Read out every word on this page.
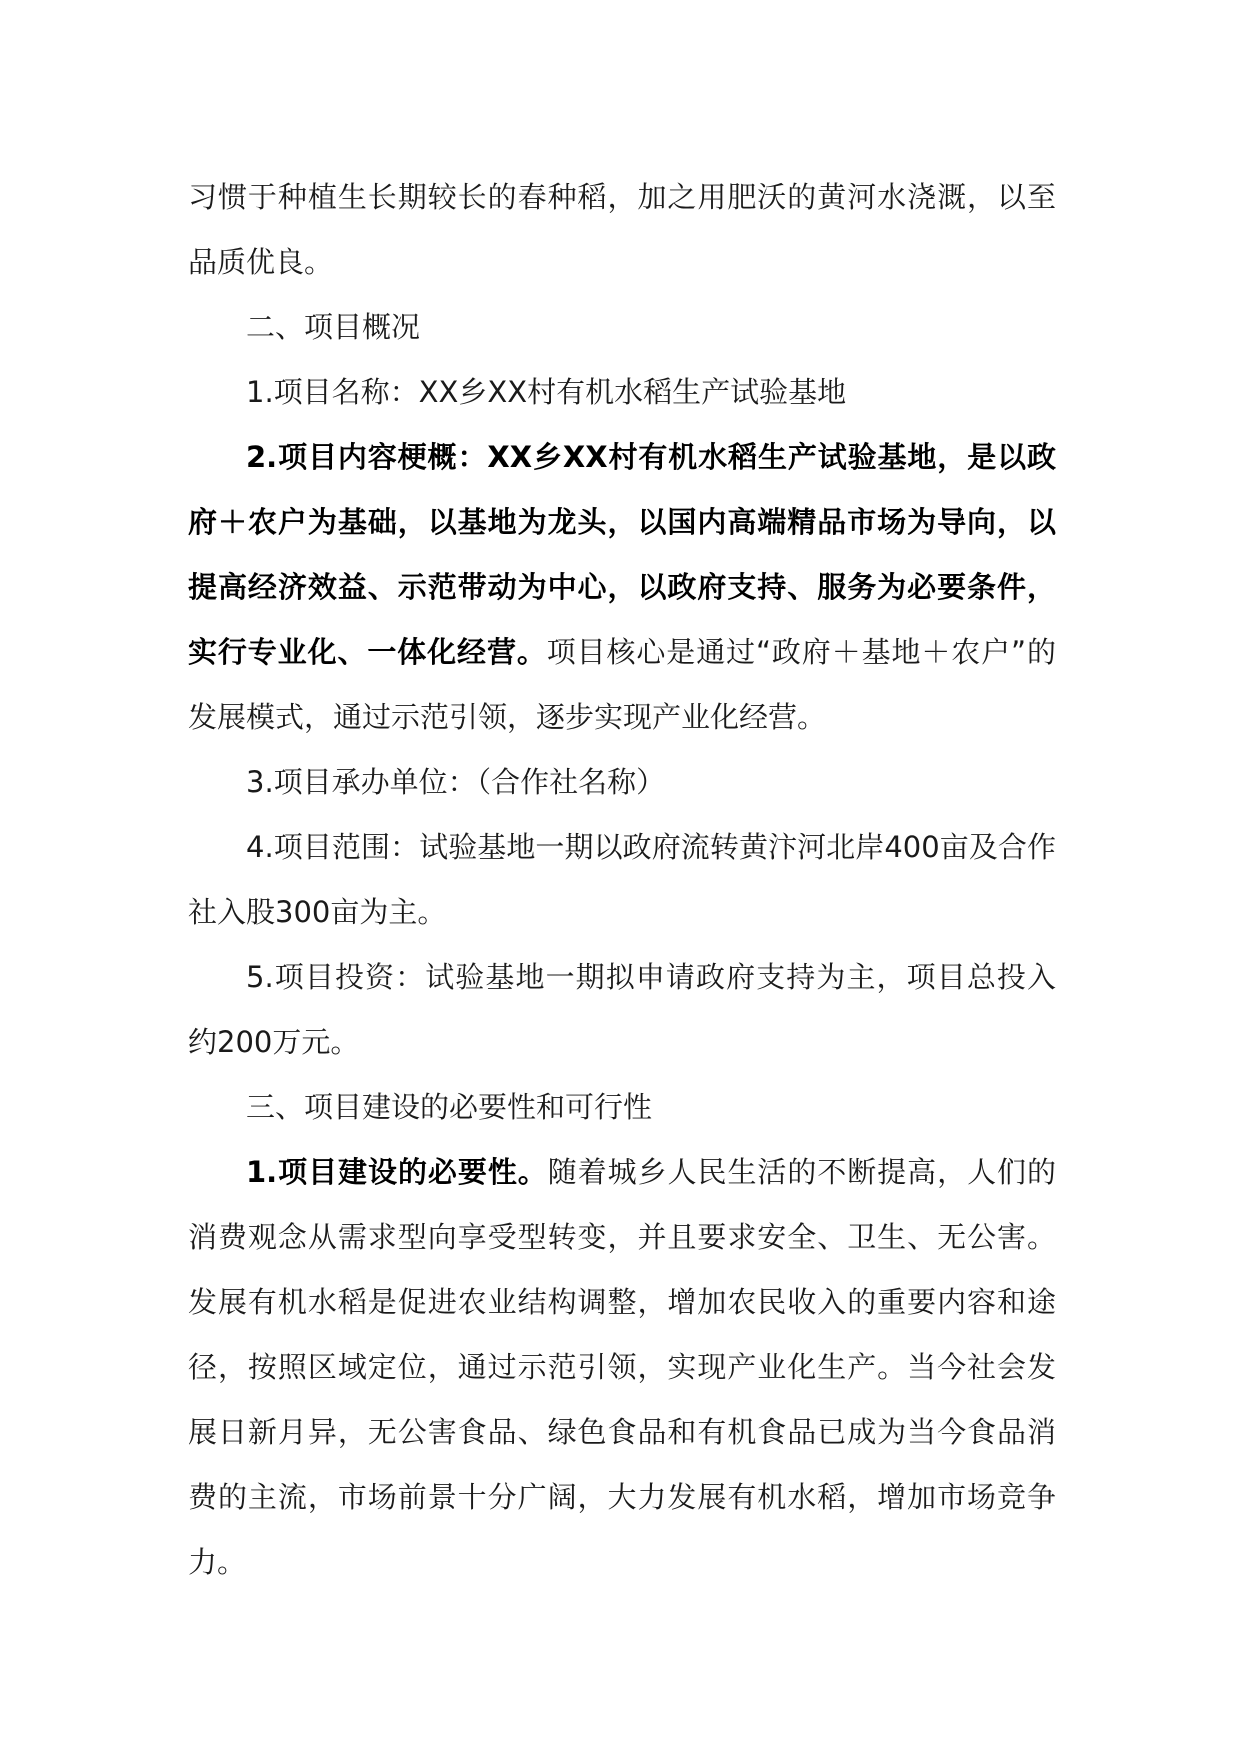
习惯于种植生长期较长的春种稻，加之用肥沃的黄河水浇溉，以至品质优良。

二、项目概况

1.项目名称：XX乡XX村有机水稻生产试验基地

2.项目内容梗概：XX乡XX村有机水稻生产试验基地，是以政府＋农户为基础，以基地为龙头，以国内高端精品市场为导向，以提高经济效益、示范带动为中心，以政府支持、服务为必要条件，实行专业化、一体化经营。项目核心是通过“政府＋基地＋农户”的发展模式，通过示范引领，逐步实现产业化经营。

3.项目承办单位：（合作社名称）

4.项目范围：试验基地一期以政府流转黄汴河北岸400亩及合作社入股300亩为主。

5.项目投资：试验基地一期拟申请政府支持为主，项目总投入约200万元。

三、项目建设的必要性和可行性

1.项目建设的必要性。随着城乡人民生活的不断提高，人们的消费观念从需求型向享受型转变，并且要求安全、卫生、无公害。发展有机水稻是促进农业结构调整，增加农民收入的重要内容和途径，按照区域定位，通过示范引领，实现产业化生产。当今社会发展日新月异，无公害食品、绿色食品和有机食品已成为当今食品消费的主流，市场前景十分广阔，大力发展有机水稻，增加市场竞争力。
